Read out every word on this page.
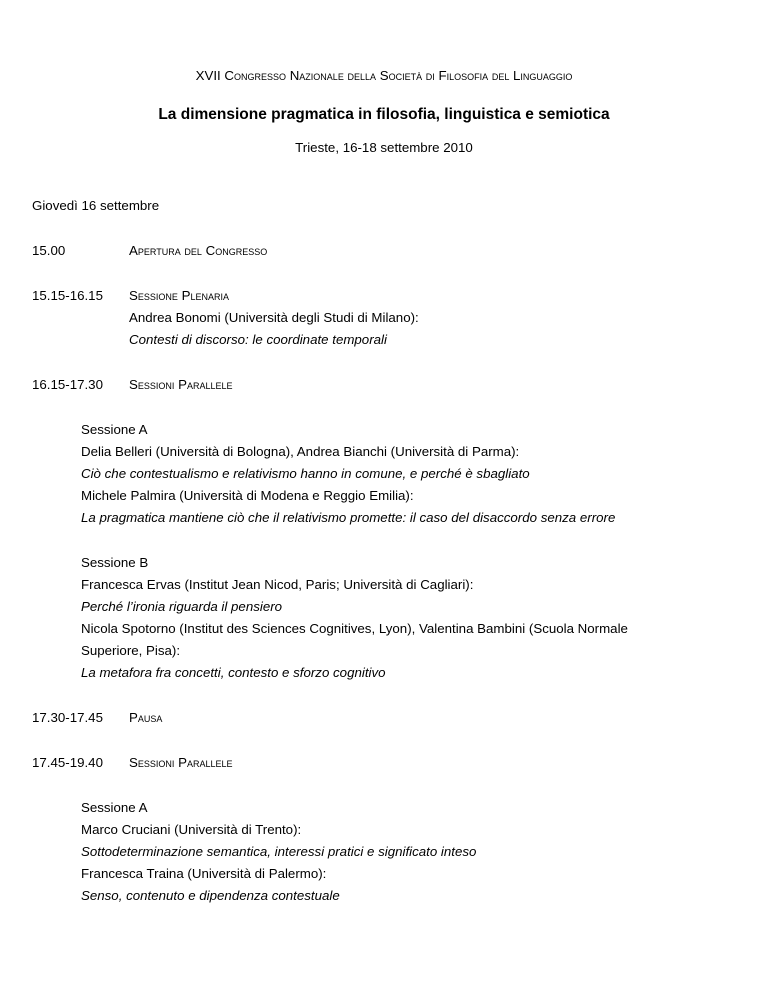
XVII Congresso Nazionale della Società di Filosofia del Linguaggio
La dimensione pragmatica in filosofia, linguistica e semiotica
Trieste, 16-18 settembre 2010
Giovedì 16 settembre
15.00	Apertura del Congresso
15.15-16.15 Sessione Plenaria
Andrea Bonomi (Università degli Studi di Milano):
Contesti di discorso: le coordinate temporali
16.15-17.30 Sessioni Parallele
Sessione A
Delia Belleri (Università di Bologna), Andrea Bianchi (Università di Parma):
Ciò che contestualismo e relativismo hanno in comune, e perché è sbagliato
Michele Palmira (Università di Modena e Reggio Emilia):
La pragmatica mantiene ciò che il relativismo promette: il caso del disaccordo senza errore
Sessione B
Francesca Ervas (Institut Jean Nicod, Paris; Università di Cagliari):
Perché l’ironia riguarda il pensiero
Nicola Spotorno (Institut des Sciences Cognitives, Lyon), Valentina Bambini (Scuola Normale
Superiore, Pisa):
La metafora fra concetti, contesto e sforzo cognitivo
17.30-17.45 Pausa
17.45-19.40 Sessioni Parallele
Sessione A
Marco Cruciani (Università di Trento):
Sottodeterminazione semantica, interessi pratici e significato inteso
Francesca Traina (Università di Palermo):
Senso, contenuto e dipendenza contestuale
